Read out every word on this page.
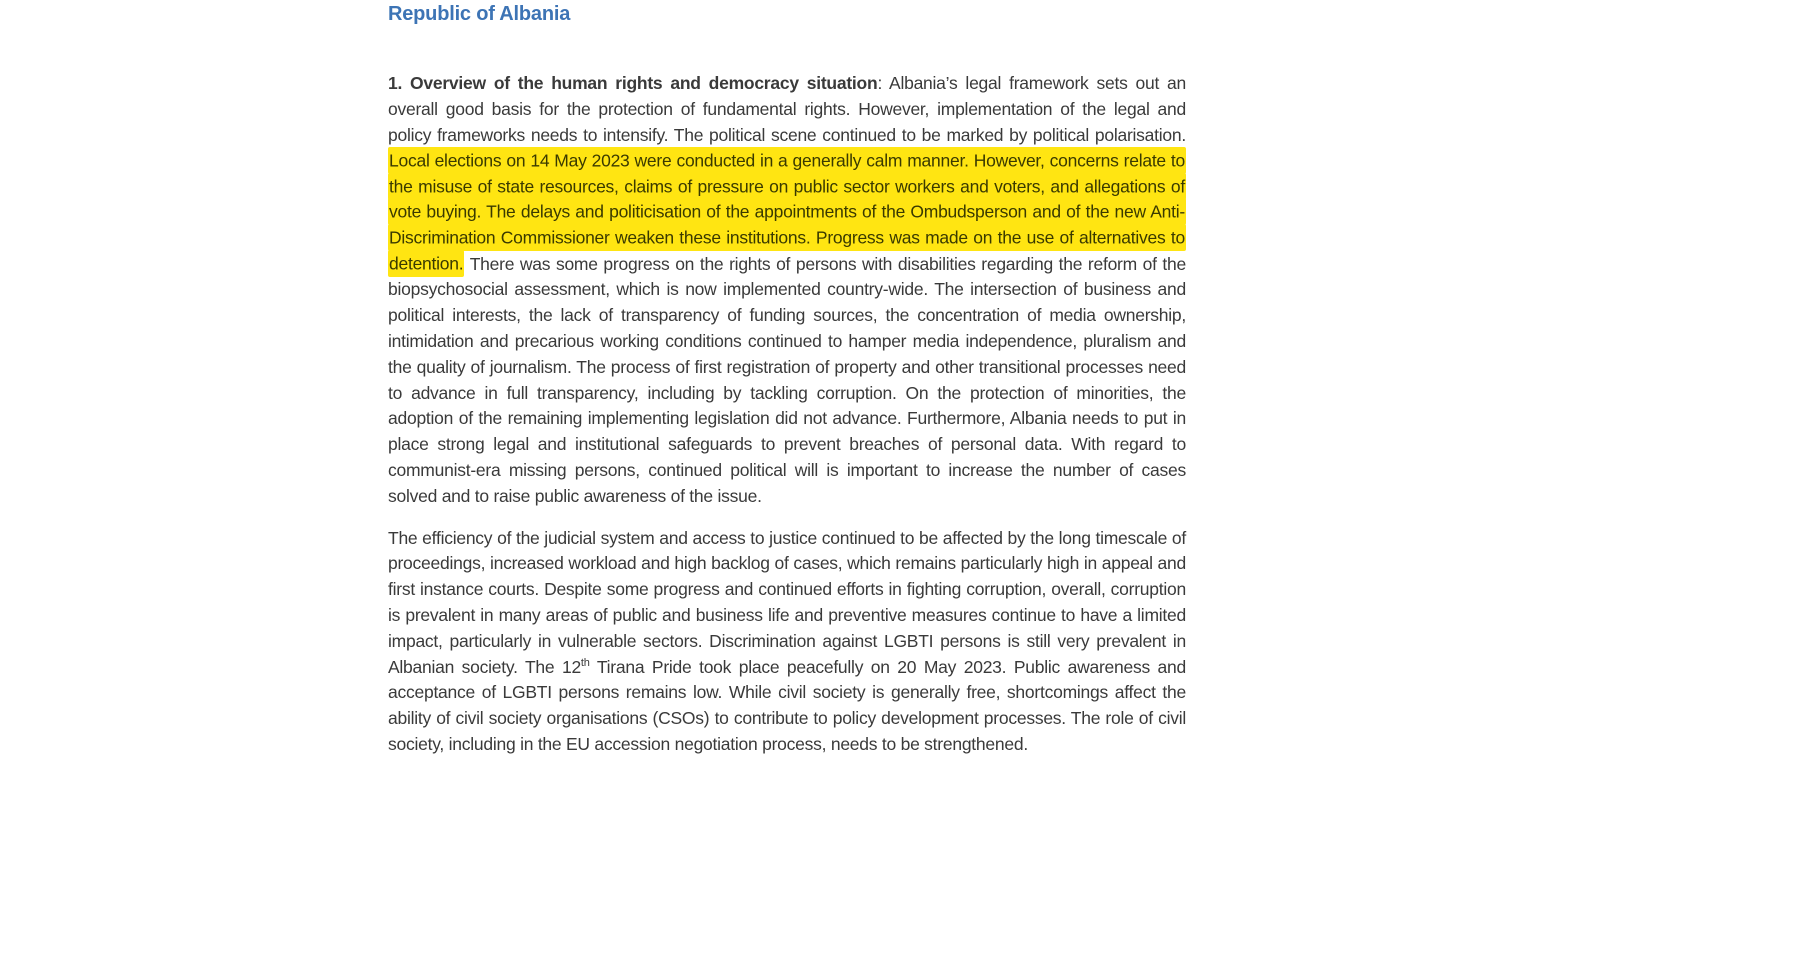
Republic of Albania

1. Overview of the human rights and democracy situation: Albania’s legal framework sets out an overall good basis for the protection of fundamental rights. However, implementation of the legal and policy frameworks needs to intensify. The political scene continued to be marked by political polarisation. Local elections on 14 May 2023 were conducted in a generally calm manner. However, concerns relate to the misuse of state resources, claims of pressure on public sector workers and voters, and allegations of vote buying. The delays and politicisation of the appointments of the Ombudsperson and of the new Anti-Discrimination Commissioner weaken these institutions. Progress was made on the use of alternatives to detention. There was some progress on the rights of persons with disabilities regarding the reform of the biopsychosocial assessment, which is now implemented country-wide. The intersection of business and political interests, the lack of transparency of funding sources, the concentration of media ownership, intimidation and precarious working conditions continued to hamper media independence, pluralism and the quality of journalism. The process of first registration of property and other transitional processes need to advance in full transparency, including by tackling corruption. On the protection of minorities, the adoption of the remaining implementing legislation did not advance. Furthermore, Albania needs to put in place strong legal and institutional safeguards to prevent breaches of personal data. With regard to communist-era missing persons, continued political will is important to increase the number of cases solved and to raise public awareness of the issue.

The efficiency of the judicial system and access to justice continued to be affected by the long timescale of proceedings, increased workload and high backlog of cases, which remains particularly high in appeal and first instance courts. Despite some progress and continued efforts in fighting corruption, overall, corruption is prevalent in many areas of public and business life and preventive measures continue to have a limited impact, particularly in vulnerable sectors. Discrimination against LGBTI persons is still very prevalent in Albanian society. The 12th Tirana Pride took place peacefully on 20 May 2023. Public awareness and acceptance of LGBTI persons remains low. While civil society is generally free, shortcomings affect the ability of civil society organisations (CSOs) to contribute to policy development processes. The role of civil society, including in the EU accession negotiation process, needs to be strengthened.
